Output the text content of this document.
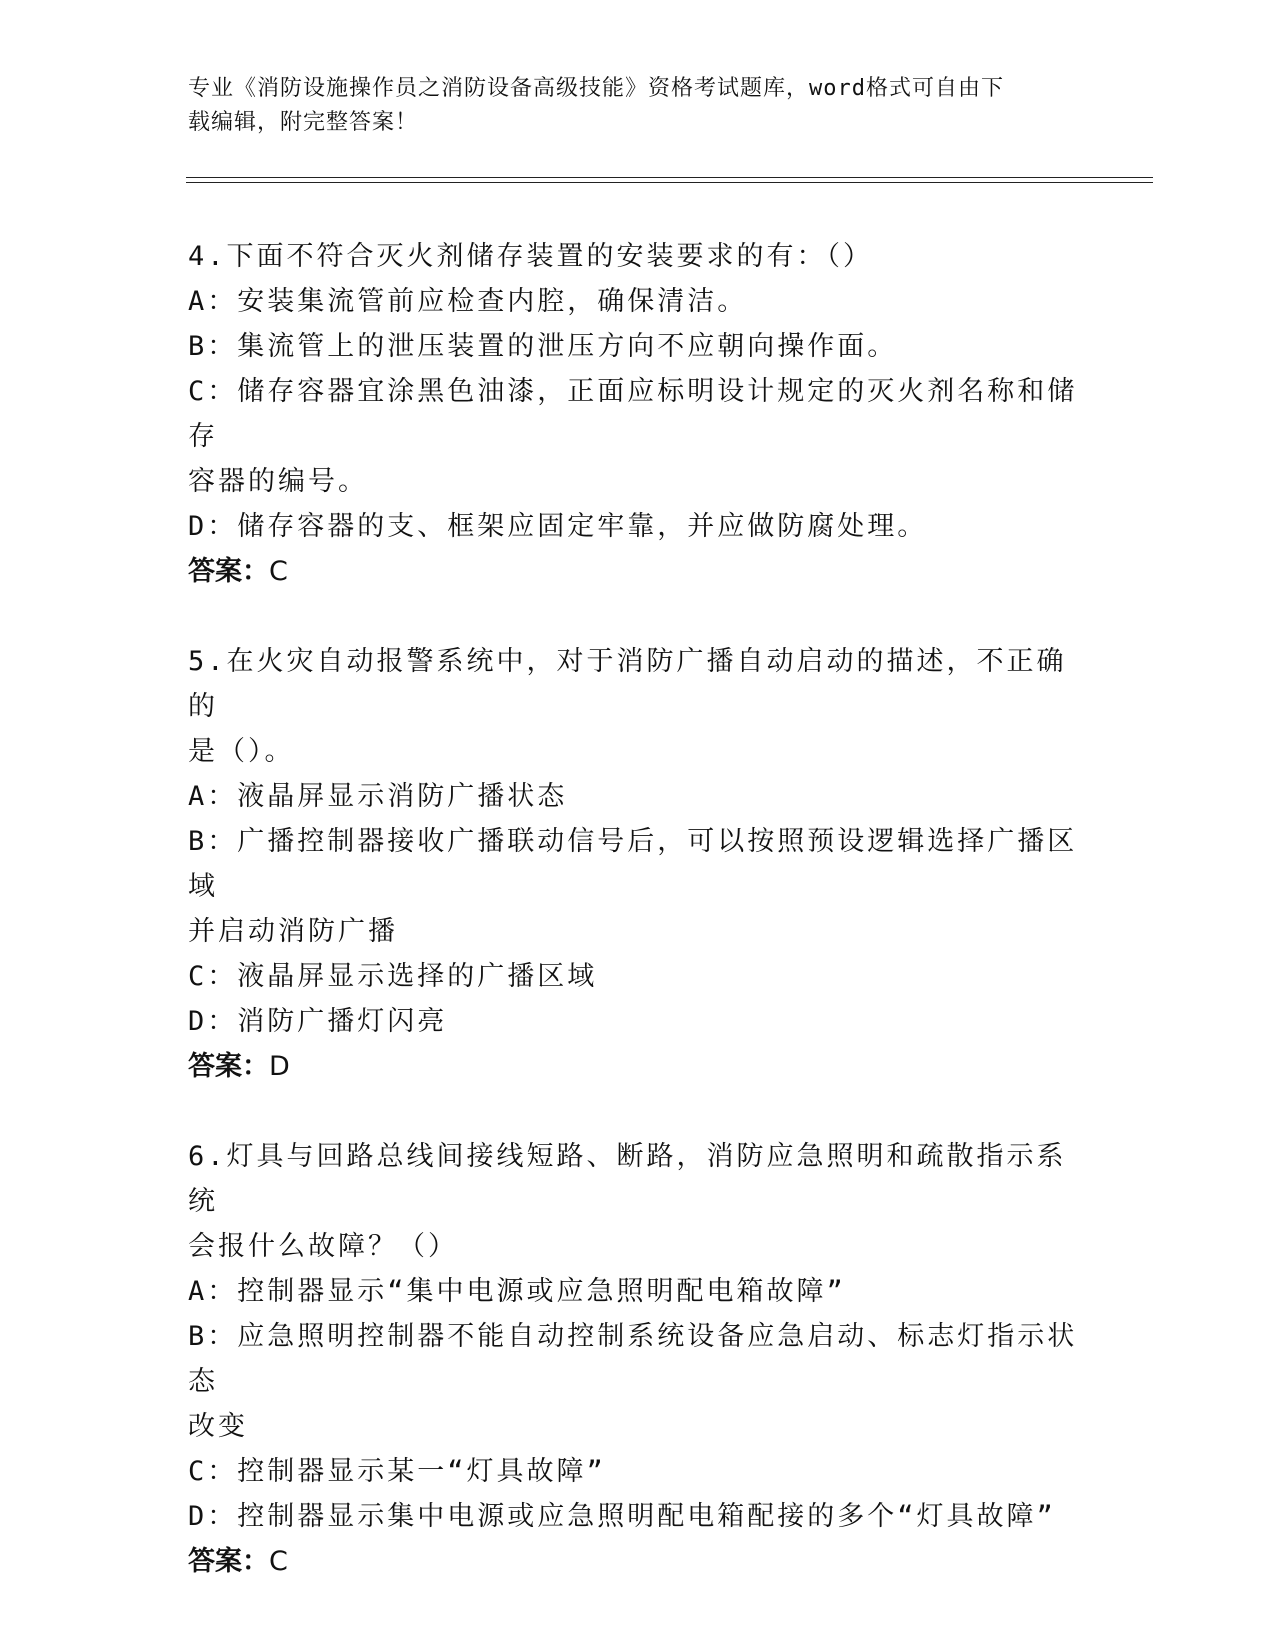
专业《消防设施操作员之消防设备高级技能》资格考试题库，word格式可自由下
载编辑，附完整答案！
4.下面不符合灭火剂储存装置的安装要求的有：（）
A：安装集流管前应检查内腔，确保清洁。
B：集流管上的泄压装置的泄压方向不应朝向操作面。
C：储存容器宜涂黑色油漆，正面应标明设计规定的灭火剂名称和储存
容器的编号。
D：储存容器的支、框架应固定牢靠，并应做防腐处理。
答案：C
5.在火灾自动报警系统中，对于消防广播自动启动的描述，不正确的
是（）。
A：液晶屏显示消防广播状态
B：广播控制器接收广播联动信号后，可以按照预设逻辑选择广播区域
并启动消防广播
C：液晶屏显示选择的广播区域
D：消防广播灯闪亮
答案：D
6.灯具与回路总线间接线短路、断路，消防应急照明和疏散指示系统
会报什么故障？（）
A：控制器显示“集中电源或应急照明配电箱故障”
B：应急照明控制器不能自动控制系统设备应急启动、标志灯指示状态
改变
C：控制器显示某一“灯具故障”
D：控制器显示集中电源或应急照明配电箱配接的多个“灯具故障”
答案：C
